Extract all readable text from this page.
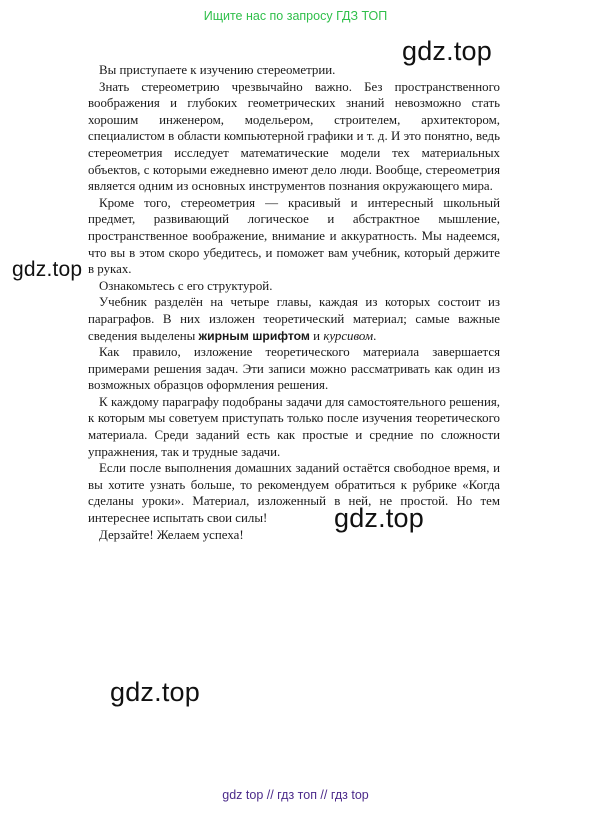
Ищите нас по запросу ГДЗ ТОП
gdz.top
gdz.top
gdz.top
gdz.top

Вы приступаете к изучению стереометрии.

Знать стереометрию чрезвычайно важно. Без пространственного воображения и глубоких геометрических знаний невозможно стать хорошим инженером, модельером, строителем, архитектором, специалистом в области компьютерной графики и т. д. И это понятно, ведь стереометрия исследует математические модели тех материальных объектов, с которыми ежедневно имеют дело люди. Вообще, стереометрия является одним из основных инструментов познания окружающего мира.

Кроме того, стереометрия — красивый и интересный школьный предмет, развивающий логическое и абстрактное мышление, пространственное воображение, внимание и аккуратность. Мы надеемся, что вы в этом скоро убедитесь, и поможет вам учебник, который держите в руках.

Ознакомьтесь с его структурой.

Учебник разделён на четыре главы, каждая из которых состоит из параграфов. В них изложен теоретический материал; самые важные сведения выделены жирным шрифтом и курсивом.

Как правило, изложение теоретического материала завершается примерами решения задач. Эти записи можно рассматривать как один из возможных образцов оформления решения.

К каждому параграфу подобраны задачи для самостоятельного решения, к которым мы советуем приступать только после изучения теоретического материала. Среди заданий есть как простые и средние по сложности упражнения, так и трудные задачи.

Если после выполнения домашних заданий остаётся свободное время, и вы хотите узнать больше, то рекомендуем обратиться к рубрике «Когда сделаны уроки». Материал, изложенный в ней, не простой. Но тем интереснее испытать свои силы!

Дерзайте! Желаем успеха!

gdz top // гдз топ // гдз top
